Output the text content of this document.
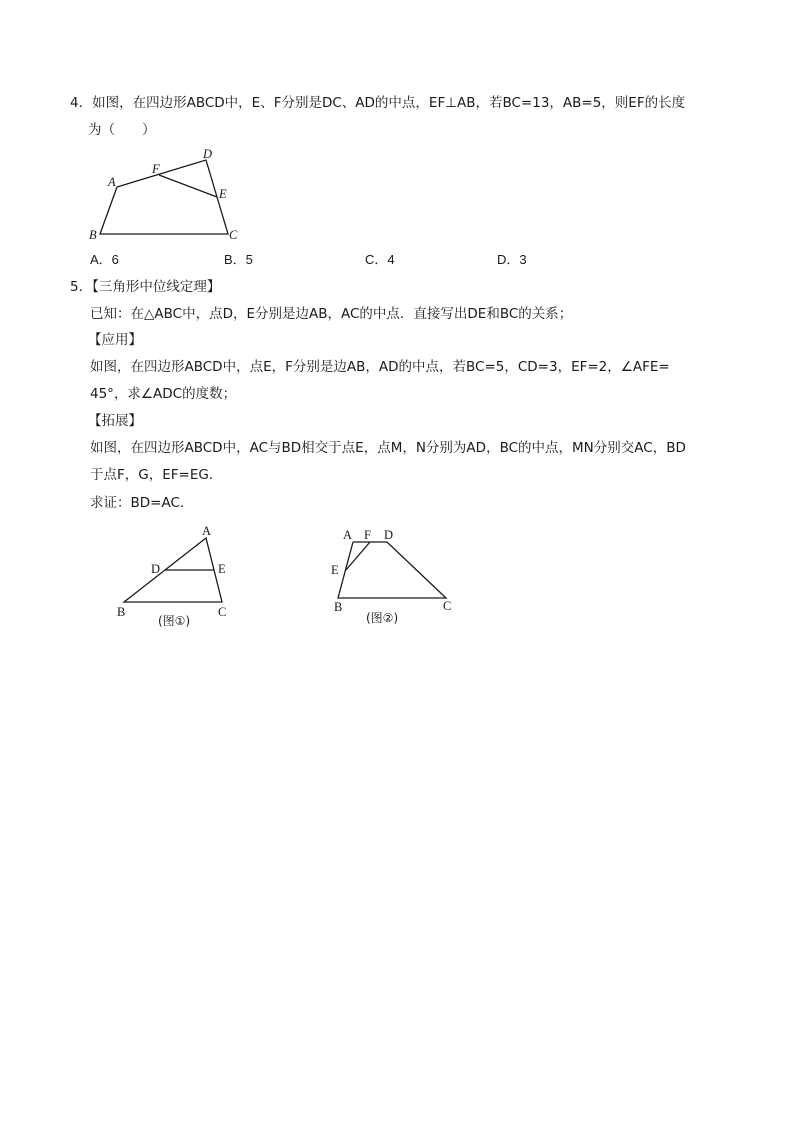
4．如图，在四边形ABCD中，E、F分别是DC、AD的中点，EF⊥AB，若BC=13，AB=5，则EF的长度
为（　　）
A
B	C
D
E
F
A．6	B．5	C．4	D．3
5．【三角形中位线定理】
已知：在△ABC中，点D，E分别是边AB，AC的中点．直接写出DE和BC的关系；
【应用】
如图，在四边形ABCD中，点E，F分别是边AB，AD的中点，若BC=5，CD=3，EF=2，∠AFE=
45°，求∠ADC的度数；
【拓展】
如图，在四边形ABCD中，AC与BD相交于点E，点M，N分别为AD，BC的中点，MN分别交AC，BD
于点F，G，EF=EG．
求证：BD=AC．
A
B	C
D	E
(图①)
A F D
E
B	C
(图②)
